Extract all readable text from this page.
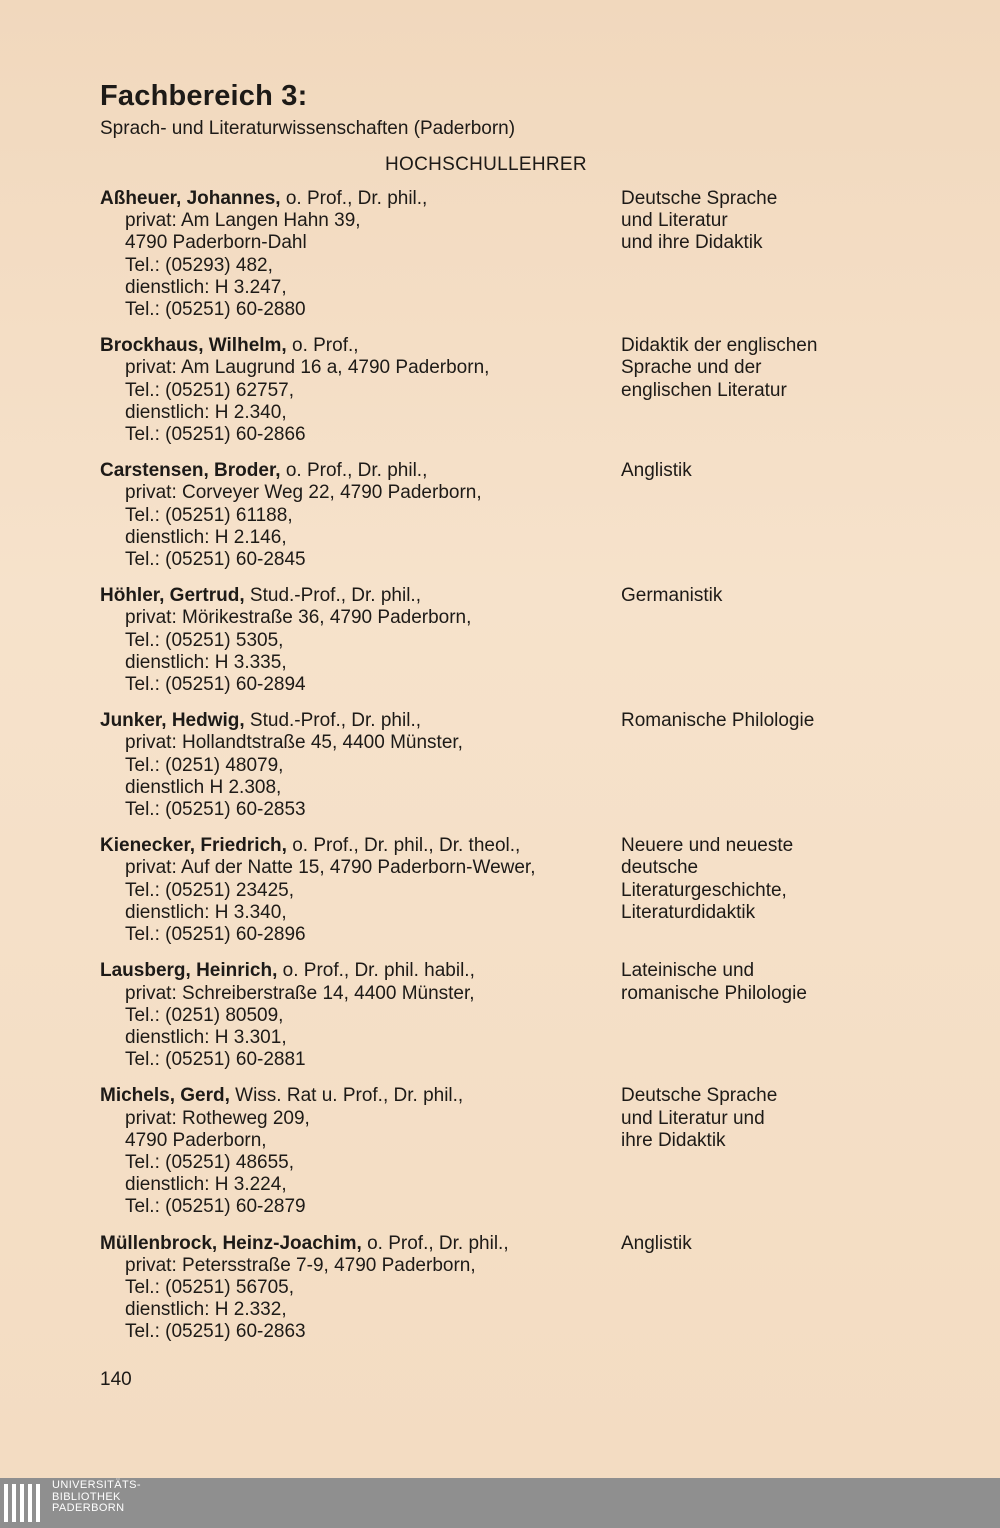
Fachbereich 3:
Sprach- und Literaturwissenschaften (Paderborn)
HOCHSCHULLEHRER
Aßheuer, Johannes, o. Prof., Dr. phil.,
privat: Am Langen Hahn 39,
4790 Paderborn-Dahl
Tel.: (05293) 482,
dienstlich: H 3.247,
Tel.: (05251) 60-2880
Deutsche Sprache
und Literatur
und ihre Didaktik
Brockhaus, Wilhelm, o. Prof.,
privat: Am Laugrund 16 a, 4790 Paderborn,
Tel.: (05251) 62757,
dienstlich: H 2.340,
Tel.: (05251) 60-2866
Didaktik der englischen
Sprache und der
englischen Literatur
Carstensen, Broder, o. Prof., Dr. phil.,
privat: Corveyer Weg 22, 4790 Paderborn,
Tel.: (05251) 61188,
dienstlich: H 2.146,
Tel.: (05251) 60-2845
Anglistik
Höhler, Gertrud, Stud.-Prof., Dr. phil.,
privat: Mörikestraße 36, 4790 Paderborn,
Tel.: (05251) 5305,
dienstlich: H 3.335,
Tel.: (05251) 60-2894
Germanistik
Junker, Hedwig, Stud.-Prof., Dr. phil.,
privat: Hollandtstraße 45, 4400 Münster,
Tel.: (0251) 48079,
dienstlich H 2.308,
Tel.: (05251) 60-2853
Romanische Philologie
Kienecker, Friedrich, o. Prof., Dr. phil., Dr. theol.,
privat: Auf der Natte 15, 4790 Paderborn-Wewer,
Tel.: (05251) 23425,
dienstlich: H 3.340,
Tel.: (05251) 60-2896
Neuere und neueste
deutsche
Literaturgeschichte,
Literaturdidaktik
Lausberg, Heinrich, o. Prof., Dr. phil. habil.,
privat: Schreiberstraße 14, 4400 Münster,
Tel.: (0251) 80509,
dienstlich: H 3.301,
Tel.: (05251) 60-2881
Lateinische und
romanische Philologie
Michels, Gerd, Wiss. Rat u. Prof., Dr. phil.,
privat: Rotheweg 209,
4790 Paderborn,
Tel.: (05251) 48655,
dienstlich: H 3.224,
Tel.: (05251) 60-2879
Deutsche Sprache
und Literatur und
ihre Didaktik
Müllenbrock, Heinz-Joachim, o. Prof., Dr. phil.,
privat: Petersstraße 7-9, 4790 Paderborn,
Tel.: (05251) 56705,
dienstlich: H 2.332,
Tel.: (05251) 60-2863
Anglistik
140
UNIVERSITÄTS-
BIBLIOTHEK
PADERBORN
